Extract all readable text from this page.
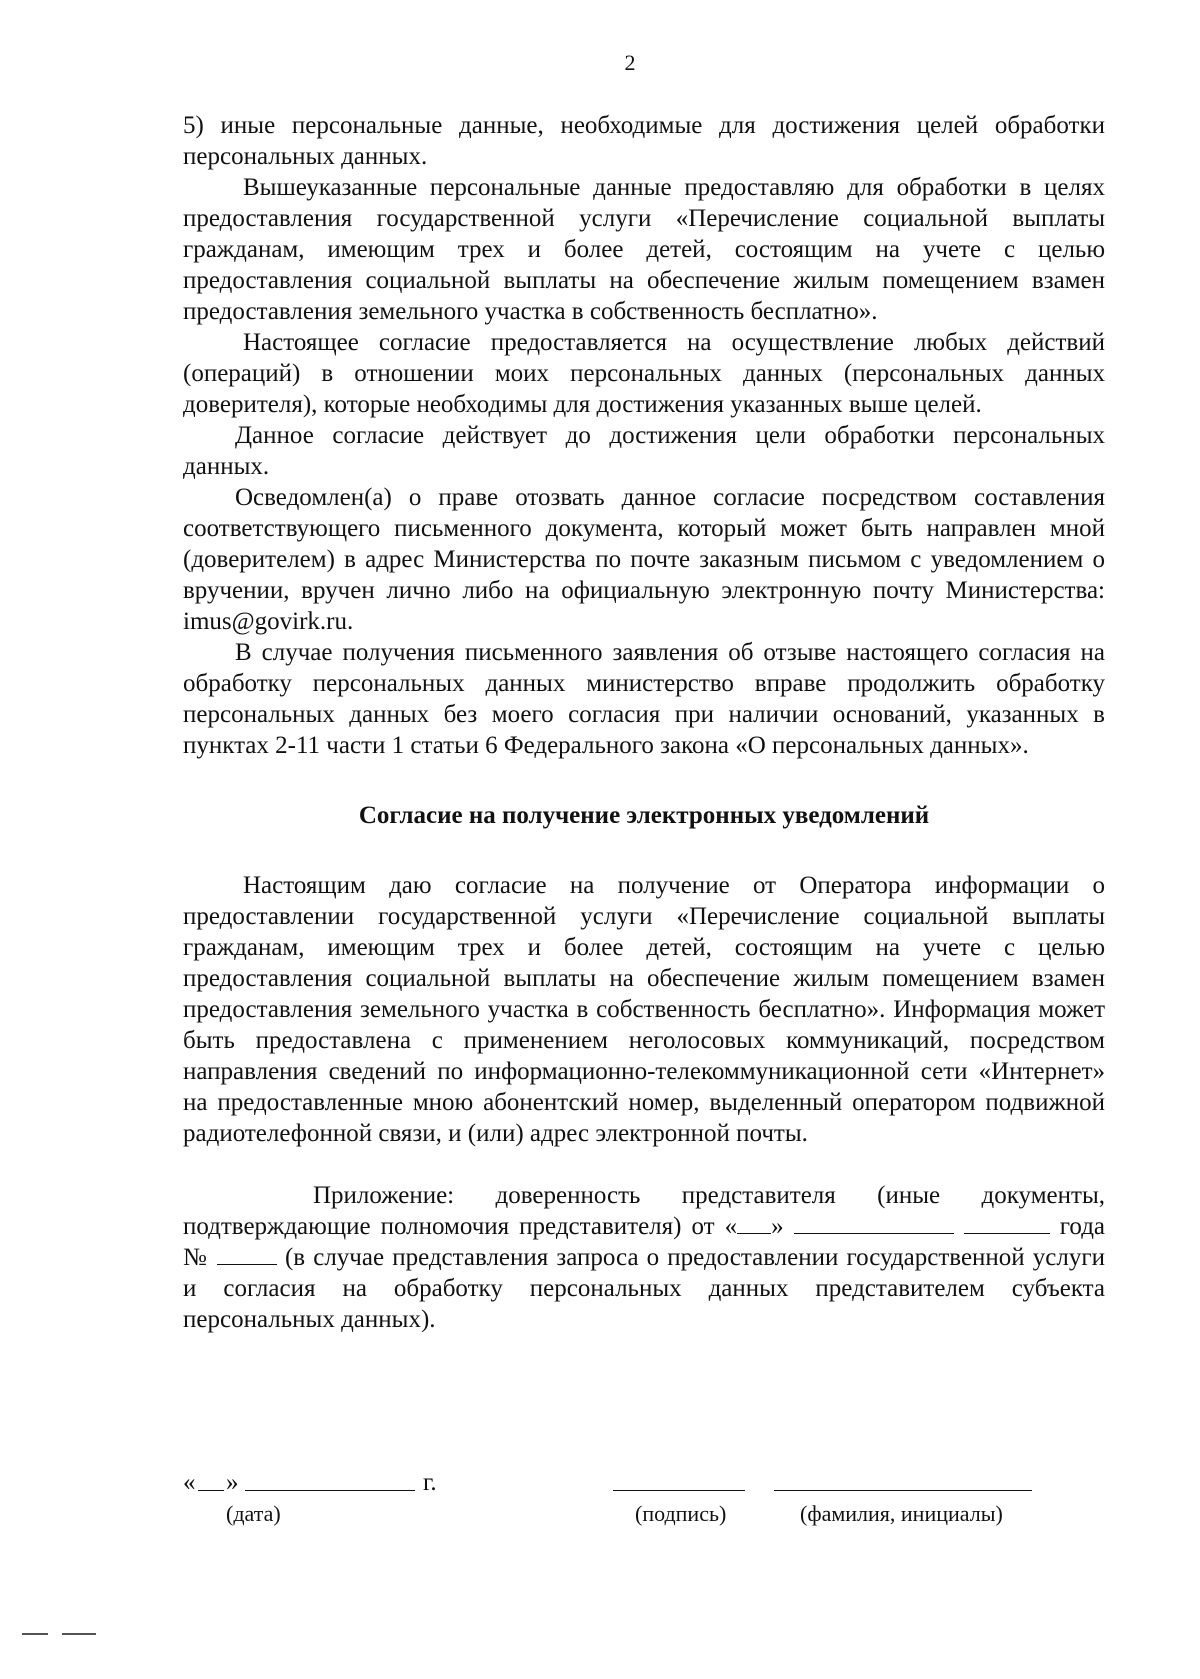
2

5) иные персональные данные, необходимые для достижения целей обработки персональных данных.

Вышеуказанные персональные данные предоставляю для обработки в целях предоставления государственной услуги «Перечисление социальной выплаты гражданам, имеющим трех и более детей, состоящим на учете с целью предоставления социальной выплаты на обеспечение жилым помещением взамен предоставления земельного участка в собственность бесплатно».

Настоящее согласие предоставляется на осуществление любых действий (операций) в отношении моих персональных данных (персональных данных доверителя), которые необходимы для достижения указанных выше целей.

Данное согласие действует до достижения цели обработки персональных данных.

Осведомлен(а) о праве отозвать данное согласие посредством составления соответствующего письменного документа, который может быть направлен мной (доверителем) в адрес Министерства по почте заказным письмом с уведомлением о вручении, вручен лично либо на официальную электронную почту Министерства: imus@govirk.ru.

В случае получения письменного заявления об отзыве настоящего согласия на обработку персональных данных министерство вправе продолжить обработку персональных данных без моего согласия при наличии оснований, указанных в пунктах 2-11 части 1 статьи 6 Федерального закона «О персональных данных».

Согласие на получение электронных уведомлений

Настоящим даю согласие на получение от Оператора информации о предоставлении государственной услуги «Перечисление социальной выплаты гражданам, имеющим трех и более детей, состоящим на учете с целью предоставления социальной выплаты на обеспечение жилым помещением взамен предоставления земельного участка в собственность бесплатно». Информация может быть предоставлена с применением неголосовых коммуникаций, посредством направления сведений по информационно-телекоммуникационной сети «Интернет» на предоставленные мною абонентский номер, выделенный оператором подвижной радиотелефонной связи, и (или) адрес электронной почты.

Приложение: доверенность представителя (иные документы, подтверждающие полномочия представителя) от « »	года №	(в случае представления запроса о предоставлении государственной услуги и согласия на обработку персональных данных представителем субъекта персональных данных).

« »	г.
(дата)	(подпись)	(фамилия, инициалы)
